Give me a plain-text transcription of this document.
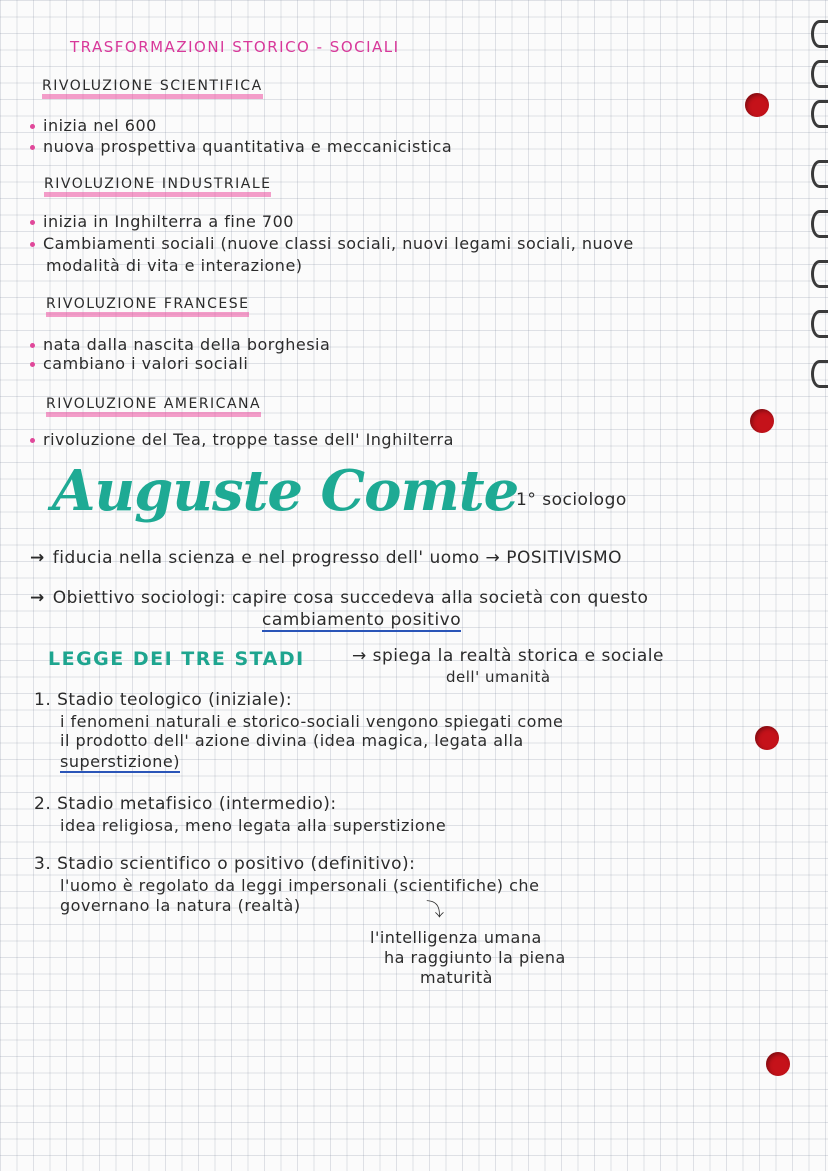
TRASFORMAZIONI STORICO - SOCIALI
RIVOLUZIONE SCIENTIFICA
inizia nel 600
nuova prospettiva quantitativa e meccanicistica
RIVOLUZIONE INDUSTRIALE
inizia in Inghilterra a fine 700
Cambiamenti sociali (nuove classi sociali, nuovi legami sociali, nuove
modalità di vita e interazione)
RIVOLUZIONE FRANCESE
nata dalla nascita della borghesia
cambiano i valori sociali
RIVOLUZIONE AMERICANA
rivoluzione del Tea, troppe tasse dell' Inghilterra
Auguste Comte
1° sociologo
→ fiducia nella scienza e nel progresso dell' uomo → POSITIVISMO
→ Obiettivo sociologi: capire cosa succedeva alla società con questo
cambiamento positivo
LEGGE DEI TRE STADI	→ spiega la realtà storica e sociale
dell' umanità
1. Stadio teologico (iniziale):
i fenomeni naturali e storico-sociali vengono spiegati come
il prodotto dell' azione divina (idea magica, legata alla
superstizione)
2. Stadio metafisico (intermedio):
idea religiosa, meno legata alla superstizione
3. Stadio scientifico o positivo (definitivo):
l'uomo è regolato da leggi impersonali (scientifiche) che
governano la natura (realtà)	⤵
l'intelligenza umana
ha raggiunto la piena
maturità
